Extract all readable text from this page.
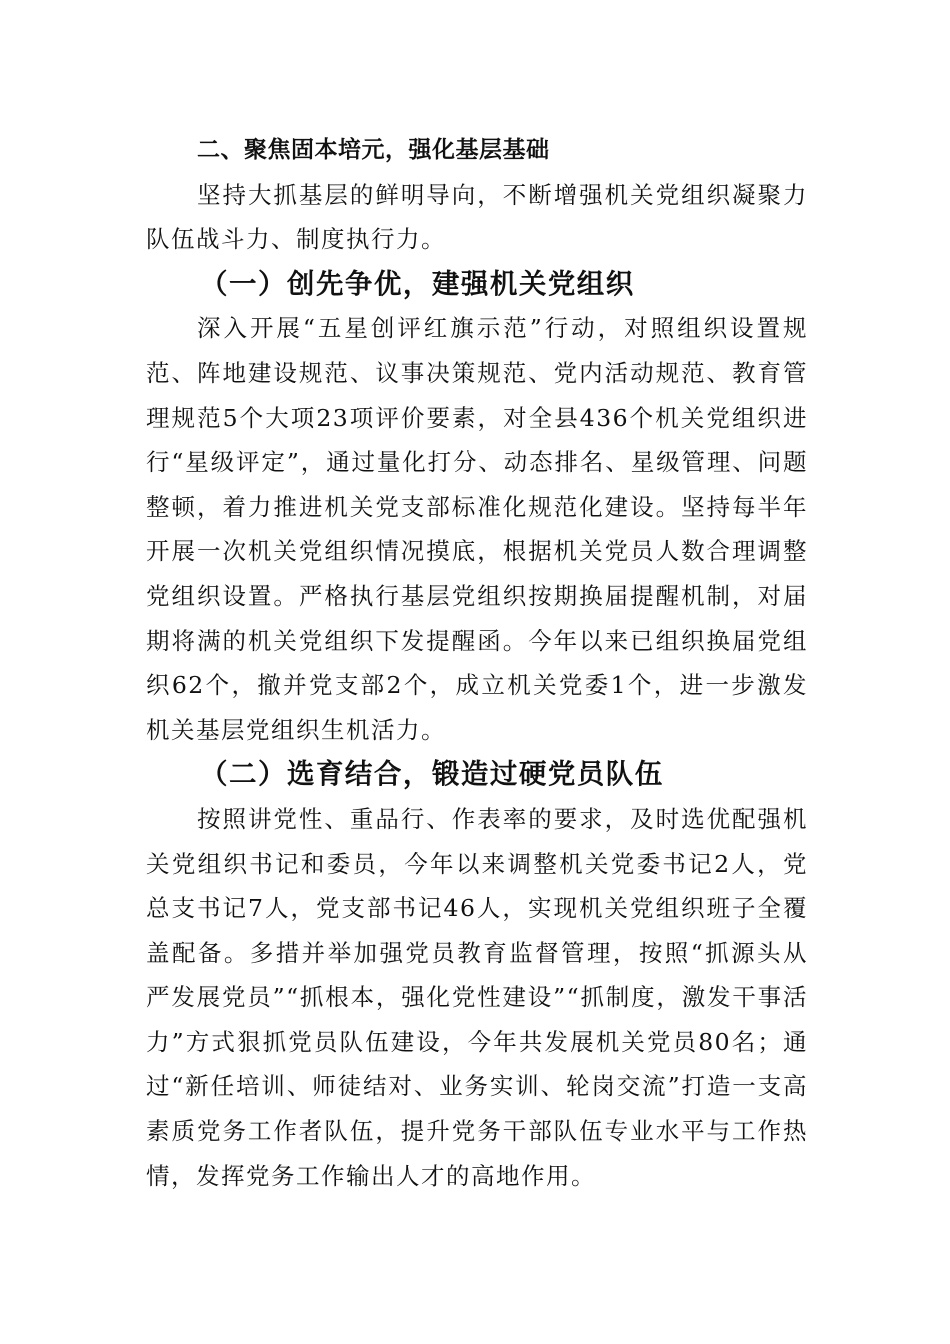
二、聚焦固本培元，强化基层基础

坚持大抓基层的鲜明导向，不断增强机关党组织凝聚力队伍战斗力、制度执行力。

（一）创先争优，建强机关党组织

深入开展“五星创评红旗示范”行动，对照组织设置规范、阵地建设规范、议事决策规范、党内活动规范、教育管理规范5个大项23项评价要素，对全县436个机关党组织进行“星级评定”，通过量化打分、动态排名、星级管理、问题整顿，着力推进机关党支部标准化规范化建设。坚持每半年开展一次机关党组织情况摸底，根据机关党员人数合理调整党组织设置。严格执行基层党组织按期换届提醒机制，对届期将满的机关党组织下发提醒函。今年以来已组织换届党组织62个，撤并党支部2个，成立机关党委1个，进一步激发机关基层党组织生机活力。

（二）选育结合，锻造过硬党员队伍

按照讲党性、重品行、作表率的要求，及时选优配强机关党组织书记和委员，今年以来调整机关党委书记2人，党总支书记7人，党支部书记46人，实现机关党组织班子全覆盖配备。多措并举加强党员教育监督管理，按照“抓源头从严发展党员”“抓根本，强化党性建设”“抓制度，激发干事活力”方式狠抓党员队伍建设，今年共发展机关党员80名；通过“新任培训、师徒结对、业务实训、轮岗交流”打造一支高素质党务工作者队伍，提升党务干部队伍专业水平与工作热情，发挥党务工作输出人才的高地作用。
